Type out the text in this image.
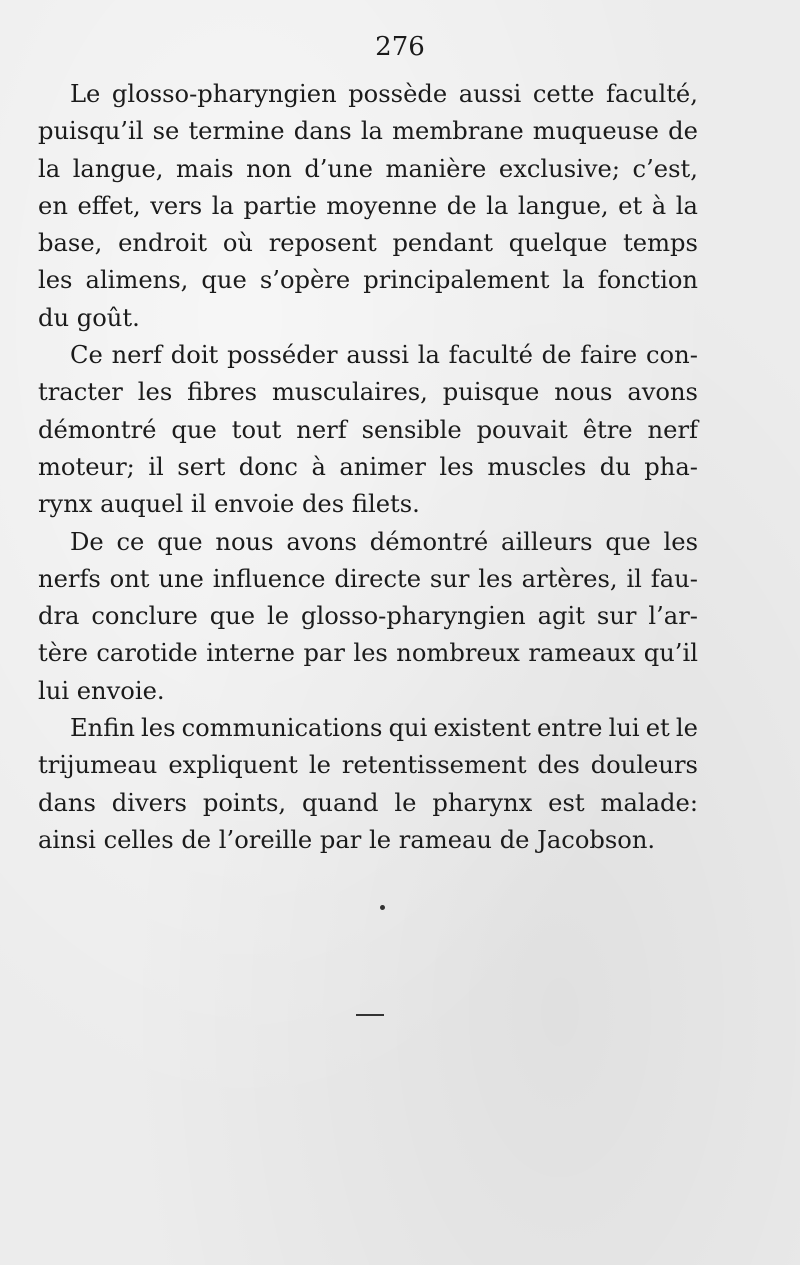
276
Le glosso-pharyngien possède aussi cette faculté,
puisqu’il se termine dans la membrane muqueuse de
la langue, mais non d’une manière exclusive; c’est,
en effet, vers la partie moyenne de la langue, et à la
base, endroit où reposent pendant quelque temps
les alimens, que s’opère principalement la fonction
du goût.
Ce nerf doit posséder aussi la faculté de faire con-
tracter les fibres musculaires, puisque nous avons
démontré que tout nerf sensible pouvait être nerf
moteur; il sert donc à animer les muscles du pha-
rynx auquel il envoie des filets.
De ce que nous avons démontré ailleurs que les
nerfs ont une influence directe sur les artères, il fau-
dra conclure que le glosso-pharyngien agit sur l’ar-
tère carotide interne par les nombreux rameaux qu’il
lui envoie.
Enfin les communications qui existent entre lui et le
trijumeau expliquent le retentissement des douleurs
dans divers points, quand le pharynx est malade:
ainsi celles de l’oreille par le rameau de Jacobson.
